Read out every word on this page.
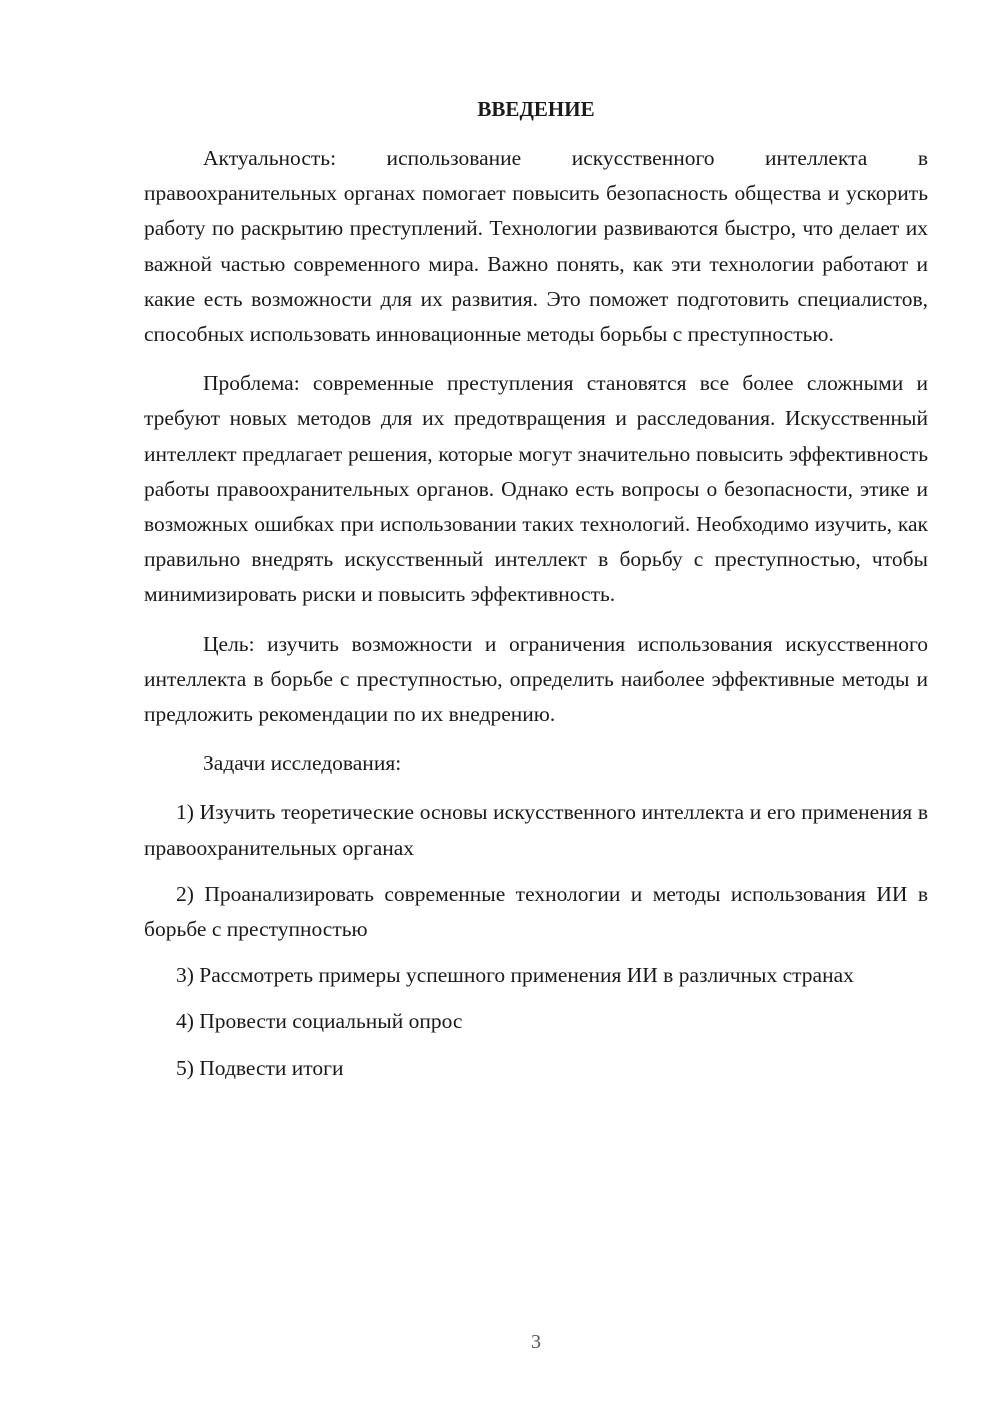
ВВЕДЕНИЕ

Актуальность: использование искусственного интеллекта в правоохранительных органах помогает повысить безопасность общества и ускорить работу по раскрытию преступлений. Технологии развиваются быстро, что делает их важной частью современного мира. Важно понять, как эти технологии работают и какие есть возможности для их развития. Это поможет подготовить специалистов, способных использовать инновационные методы борьбы с преступностью.

Проблема: современные преступления становятся все более сложными и требуют новых методов для их предотвращения и расследования. Искусственный интеллект предлагает решения, которые могут значительно повысить эффективность работы правоохранительных органов. Однако есть вопросы о безопасности, этике и возможных ошибках при использовании таких технологий. Необходимо изучить, как правильно внедрять искусственный интеллект в борьбу с преступностью, чтобы минимизировать риски и повысить эффективность.

Цель: изучить возможности и ограничения использования искусственного интеллекта в борьбе с преступностью, определить наиболее эффективные методы и предложить рекомендации по их внедрению.

Задачи исследования:

1) Изучить теоретические основы искусственного интеллекта и его применения в правоохранительных органах

2) Проанализировать современные технологии и методы использования ИИ в борьбе с преступностью

3) Рассмотреть примеры успешного применения ИИ в различных странах

4) Провести социальный опрос

5) Подвести итоги

3
